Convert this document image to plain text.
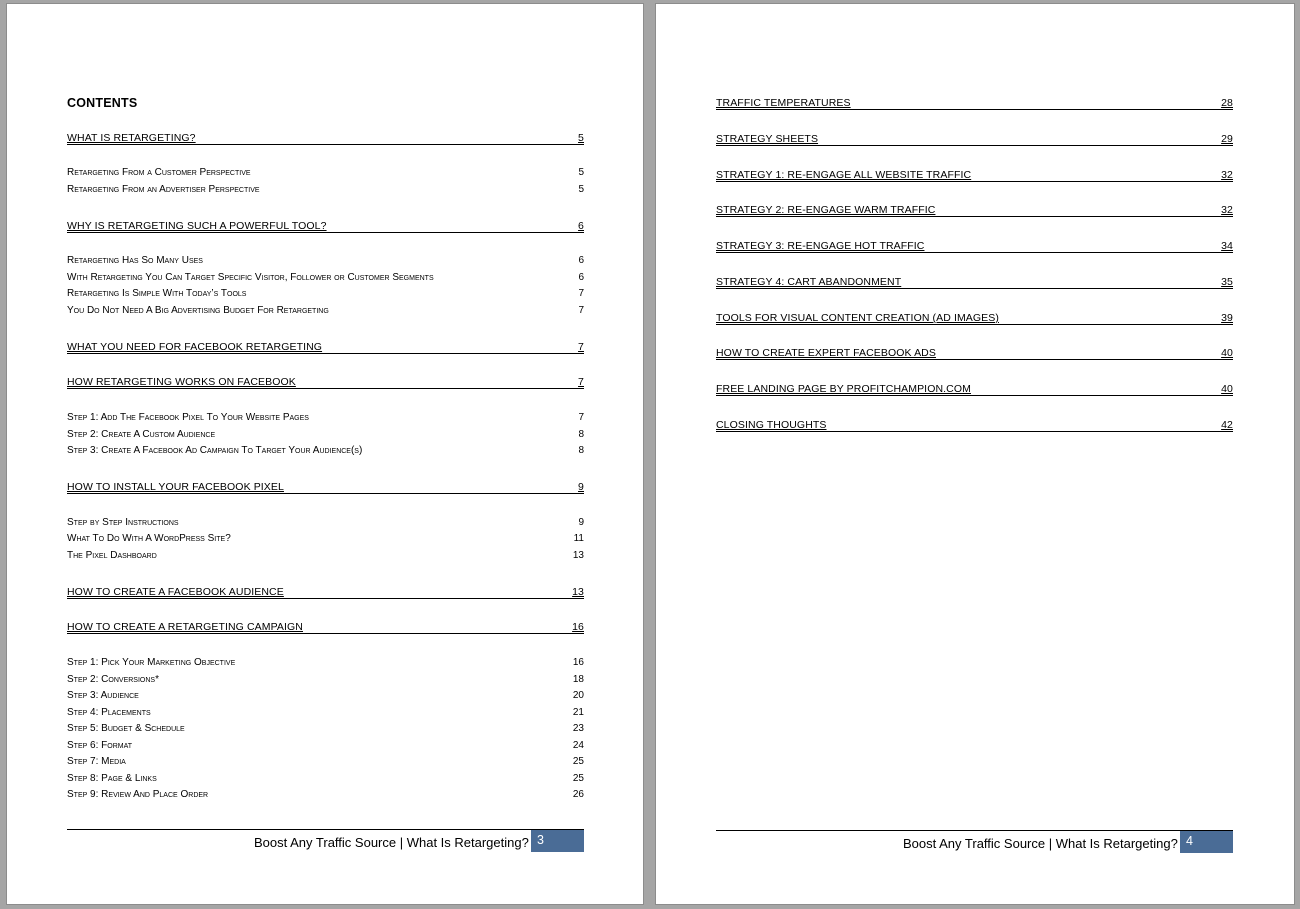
CONTENTS
WHAT IS RETARGETING?	5
Retargeting From a Customer Perspective	5
Retargeting From an Advertiser Perspective	5
WHY IS RETARGETING SUCH A POWERFUL TOOL?	6
Retargeting Has So Many Uses	6
With Retargeting You Can Target Specific Visitor, Follower or Customer Segments	6
Retargeting Is Simple With Today’s Tools	7
You Do Not Need A Big Advertising Budget For Retargeting	7
WHAT YOU NEED FOR FACEBOOK RETARGETING	7
HOW RETARGETING WORKS ON FACEBOOK	7
Step 1: Add The Facebook Pixel To Your Website Pages	7
Step 2: Create A Custom Audience	8
Step 3: Create A Facebook Ad Campaign To Target Your Audience(s)	8
HOW TO INSTALL YOUR FACEBOOK PIXEL	9
Step by Step Instructions	9
What To Do With A WordPress Site?	11
The Pixel Dashboard	13
HOW TO CREATE A FACEBOOK AUDIENCE	13
HOW TO CREATE A RETARGETING CAMPAIGN	16
Step 1: Pick Your Marketing Objective	16
Step 2: Conversions*	18
Step 3: Audience	20
Step 4: Placements	21
Step 5: Budget & Schedule	23
Step 6: Format	24
Step 7: Media	25
Step 8: Page & Links	25
Step 9: Review And Place Order	26
Boost Any Traffic Source | What Is Retargeting? 3
TRAFFIC TEMPERATURES	28
STRATEGY SHEETS	29
STRATEGY 1: RE-ENGAGE ALL WEBSITE TRAFFIC	32
STRATEGY 2: RE-ENGAGE WARM TRAFFIC	32
STRATEGY 3: RE-ENGAGE HOT TRAFFIC	34
STRATEGY 4: CART ABANDONMENT	35
TOOLS FOR VISUAL CONTENT CREATION (AD IMAGES)	39
HOW TO CREATE EXPERT FACEBOOK ADS	40
FREE LANDING PAGE BY PROFITCHAMPION.COM	40
CLOSING THOUGHTS	42
Boost Any Traffic Source | What Is Retargeting? 4
